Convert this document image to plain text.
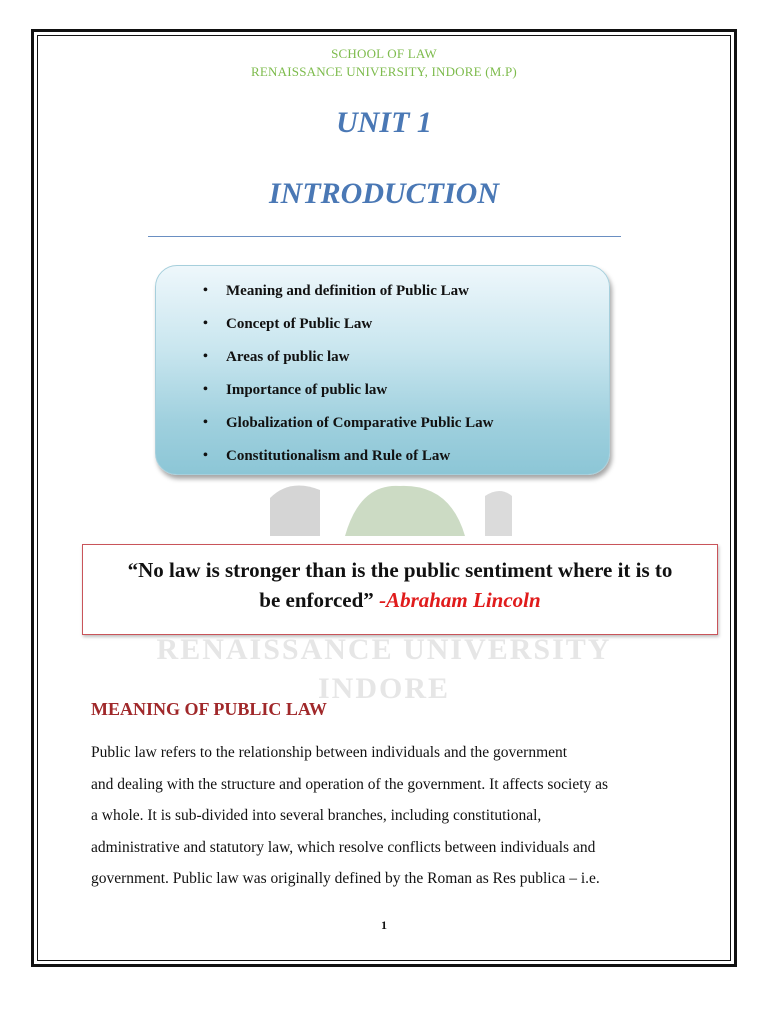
SCHOOL OF LAW
RENAISSANCE UNIVERSITY, INDORE (M.P)
UNIT 1
INTRODUCTION
• Meaning and definition of Public Law
• Concept of Public Law
• Areas of public law
• Importance of public law
• Globalization of Comparative Public Law
• Constitutionalism and Rule of Law
“No law is stronger than is the public sentiment where it is to
be enforced” -Abraham Lincoln
RENAISSANCE UNIVERSITY
INDORE
MEANING OF PUBLIC LAW
Public law refers to the relationship between individuals and the government
and dealing with the structure and operation of the government. It affects society as
a whole. It is sub-divided into several branches, including constitutional,
administrative and statutory law, which resolve conflicts between individuals and
government. Public law was originally defined by the Roman as Res publica – i.e.
1
